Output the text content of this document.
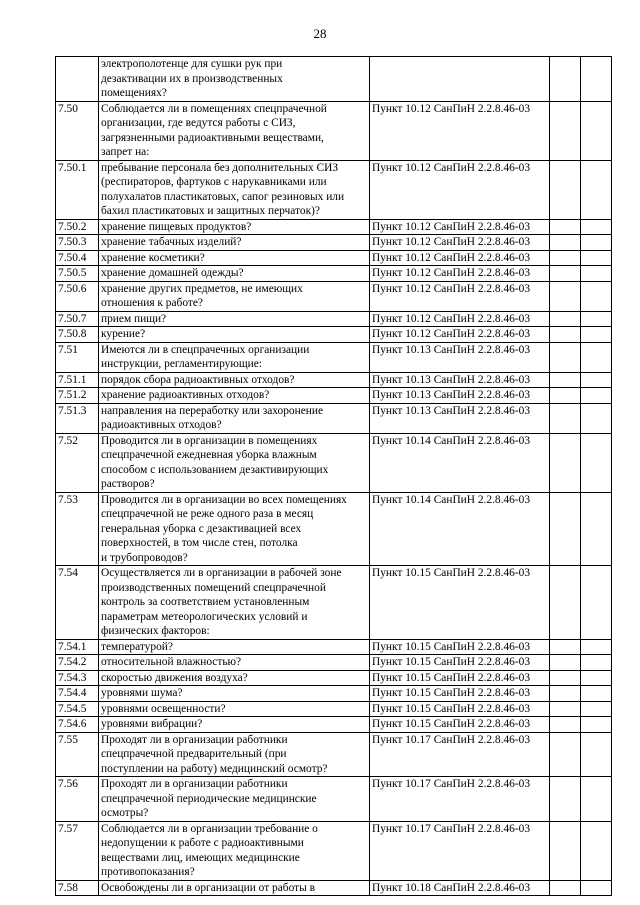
28
	электрополотенце для сушки рук при
дезактивации их в производственных
помещениях?			
7.50	Соблюдается ли в помещениях спецпрачечной
организации, где ведутся работы с СИЗ,
загрязненными радиоактивными веществами,
запрет на:	Пункт 10.12 СанПиН 2.2.8.46-03		
7.50.1	пребывание персонала без дополнительных СИЗ
(респираторов, фартуков с нарукавниками или
полухалатов пластикатовых, сапог резиновых или
бахил пластикатовых и защитных перчаток)?	Пункт 10.12 СанПиН 2.2.8.46-03		
7.50.2	хранение пищевых продуктов?	Пункт 10.12 СанПиН 2.2.8.46-03		
7.50.3	хранение табачных изделий?	Пункт 10.12 СанПиН 2.2.8.46-03		
7.50.4	хранение косметики?	Пункт 10.12 СанПиН 2.2.8.46-03		
7.50.5	хранение домашней одежды?	Пункт 10.12 СанПиН 2.2.8.46-03		
7.50.6	хранение других предметов, не имеющих
отношения к работе?	Пункт 10.12 СанПиН 2.2.8.46-03		
7.50.7	прием пищи?	Пункт 10.12 СанПиН 2.2.8.46-03		
7.50.8	курение?	Пункт 10.12 СанПиН 2.2.8.46-03		
7.51	Имеются ли в спецпрачечных организации
инструкции, регламентирующие:	Пункт 10.13 СанПиН 2.2.8.46-03		
7.51.1	порядок сбора радиоактивных отходов?	Пункт 10.13 СанПиН 2.2.8.46-03		
7.51.2	хранение радиоактивных отходов?	Пункт 10.13 СанПиН 2.2.8.46-03		
7.51.3	направления на переработку или захоронение
радиоактивных отходов?	Пункт 10.13 СанПиН 2.2.8.46-03		
7.52	Проводится ли в организации в помещениях
спецпрачечной ежедневная уборка влажным
способом с использованием дезактивирующих
растворов?	Пункт 10.14 СанПиН 2.2.8.46-03		
7.53	Проводится ли в организации во всех помещениях
спецпрачечной не реже одного раза в месяц
генеральная уборка с дезактивацией всех
поверхностей, в том числе стен, потолка
и трубопроводов?	Пункт 10.14 СанПиН 2.2.8.46-03		
7.54	Осуществляется ли в организации в рабочей зоне
производственных помещений спецпрачечной
контроль за соответствием установленным
параметрам метеорологических условий и
физических факторов:	Пункт 10.15 СанПиН 2.2.8.46-03		
7.54.1	температурой?	Пункт 10.15 СанПиН 2.2.8.46-03		
7.54.2	относительной влажностью?	Пункт 10.15 СанПиН 2.2.8.46-03		
7.54.3	скоростью движения воздуха?	Пункт 10.15 СанПиН 2.2.8.46-03		
7.54.4	уровнями шума?	Пункт 10.15 СанПиН 2.2.8.46-03		
7.54.5	уровнями освещенности?	Пункт 10.15 СанПиН 2.2.8.46-03		
7.54.6	уровнями вибрации?	Пункт 10.15 СанПиН 2.2.8.46-03		
7.55	Проходят ли в организации работники
спецпрачечной предварительный (при
поступлении на работу) медицинский осмотр?	Пункт 10.17 СанПиН 2.2.8.46-03		
7.56	Проходят ли в организации работники
спецпрачечной периодические медицинские
осмотры?	Пункт 10.17 СанПиН 2.2.8.46-03		
7.57	Соблюдается ли в организации требование о
недопущении к работе с радиоактивными
веществами лиц, имеющих медицинские
противопоказания?	Пункт 10.17 СанПиН 2.2.8.46-03		
7.58	Освобождены ли в организации от работы в	Пункт 10.18 СанПиН 2.2.8.46-03		
